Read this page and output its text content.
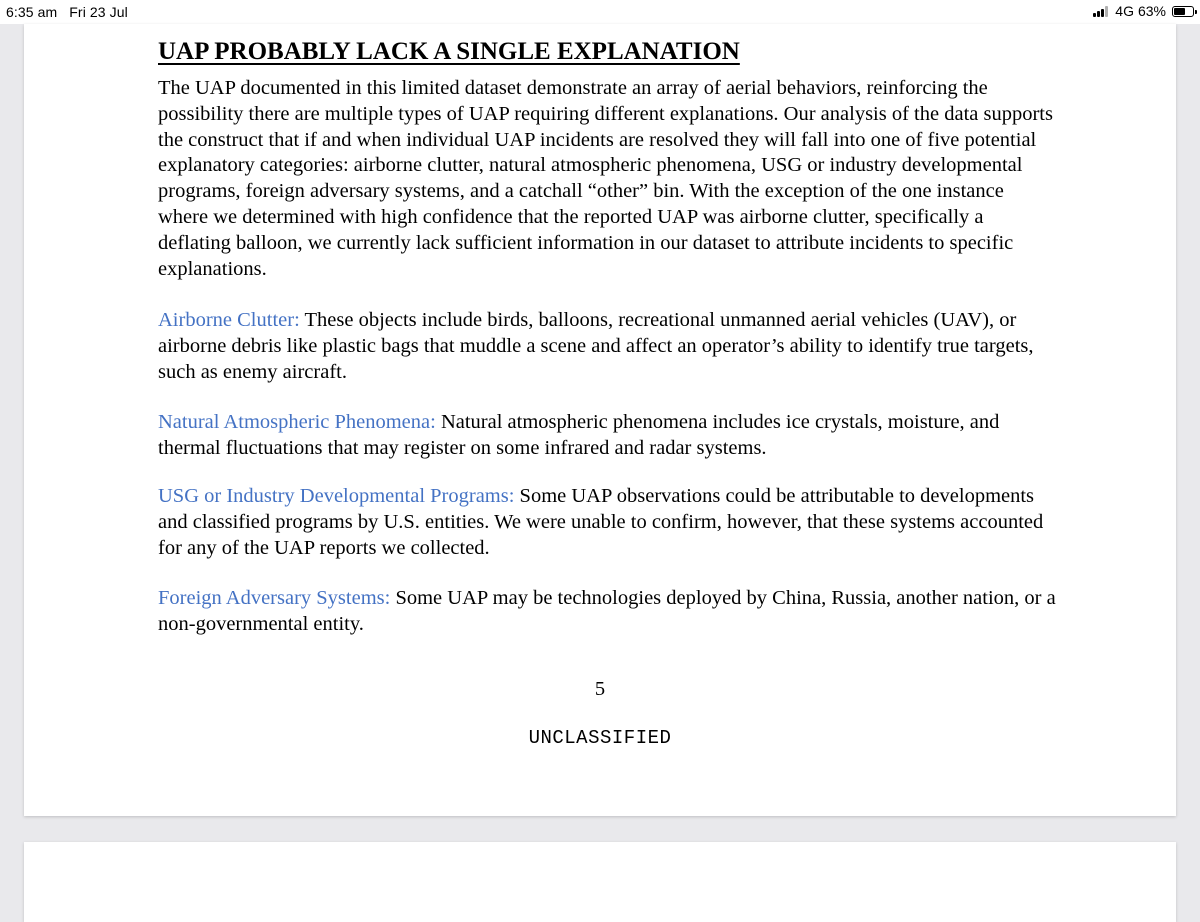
6:35 am Fri 23 Jul	4G 63%
UAP PROBABLY LACK A SINGLE EXPLANATION

The UAP documented in this limited dataset demonstrate an array of aerial behaviors, reinforcing the possibility there are multiple types of UAP requiring different explanations. Our analysis of the data supports the construct that if and when individual UAP incidents are resolved they will fall into one of five potential explanatory categories: airborne clutter, natural atmospheric phenomena, USG or industry developmental programs, foreign adversary systems, and a catchall “other” bin. With the exception of the one instance where we determined with high confidence that the reported UAP was airborne clutter, specifically a deflating balloon, we currently lack sufficient information in our dataset to attribute incidents to specific explanations.

Airborne Clutter: These objects include birds, balloons, recreational unmanned aerial vehicles (UAV), or airborne debris like plastic bags that muddle a scene and affect an operator’s ability to identify true targets, such as enemy aircraft.

Natural Atmospheric Phenomena: Natural atmospheric phenomena includes ice crystals, moisture, and thermal fluctuations that may register on some infrared and radar systems.

USG or Industry Developmental Programs: Some UAP observations could be attributable to developments and classified programs by U.S. entities. We were unable to confirm, however, that these systems accounted for any of the UAP reports we collected.

Foreign Adversary Systems: Some UAP may be technologies deployed by China, Russia, another nation, or a non-governmental entity.

5
UNCLASSIFIED
